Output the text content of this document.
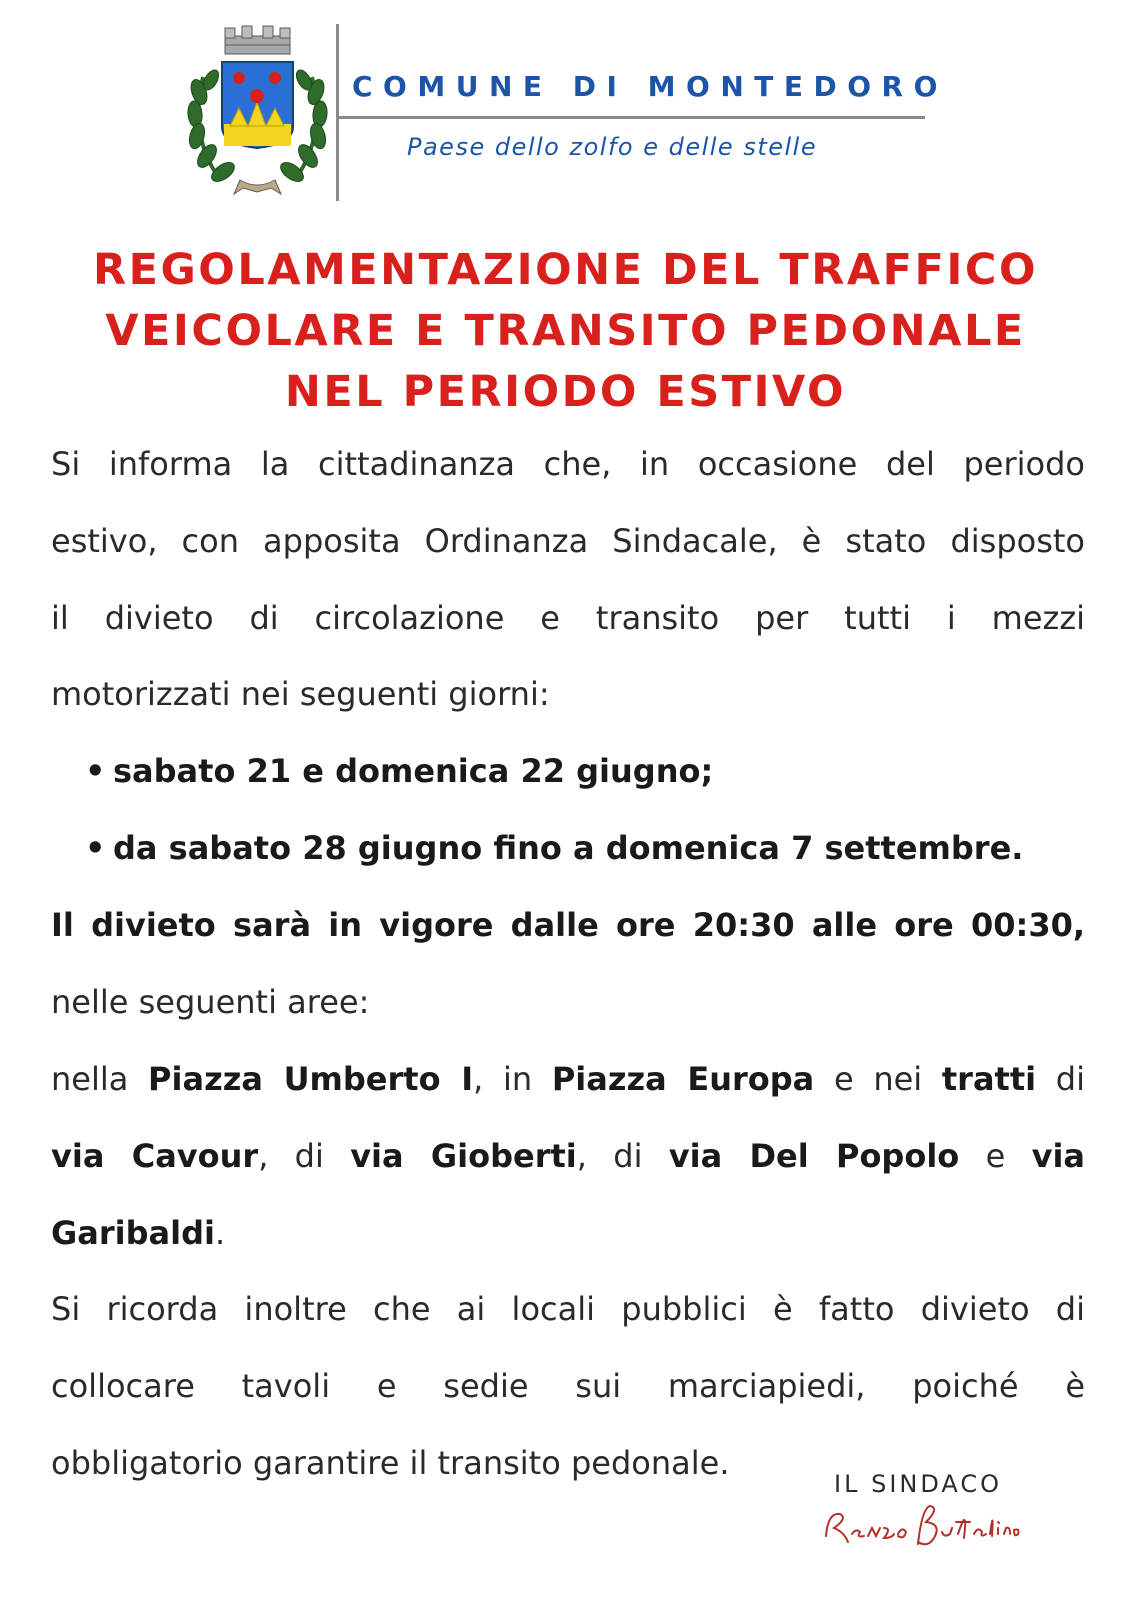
COMUNE DI MONTEDORO
Paese dello zolfo e delle stelle
REGOLAMENTAZIONE DEL TRAFFICO
VEICOLARE E TRANSITO PEDONALE
NEL PERIODO ESTIVO
Si informa la cittadinanza che, in occasione del periodo
estivo, con apposita Ordinanza Sindacale, è stato disposto
il divieto di circolazione e transito per tutti i mezzi
motorizzati nei seguenti giorni:
• sabato 21 e domenica 22 giugno;
• da sabato 28 giugno fino a domenica 7 settembre.
Il divieto sarà in vigore dalle ore 20:30 alle ore 00:30,
nelle seguenti aree:
nella Piazza Umberto I, in Piazza Europa e nei tratti di
via Cavour, di via Gioberti, di via Del Popolo e via
Garibaldi.
Si ricorda inoltre che ai locali pubblici è fatto divieto di
collocare tavoli e sedie sui marciapiedi, poiché è
obbligatorio garantire il transito pedonale.
IL SINDACO
